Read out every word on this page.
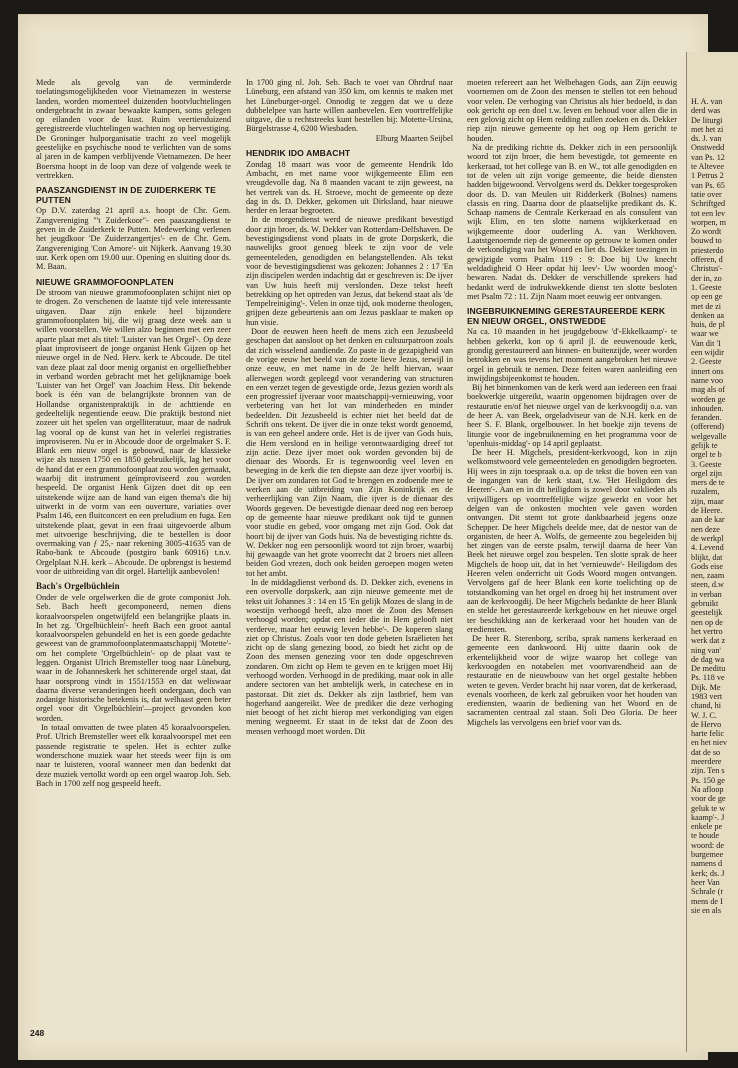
Mede als gevolg van de verminderde toelatingsmogelijkheden voor Vietnamezen in westerse landen, worden momenteel duizenden bootvluchtelingen ondergebracht in zwaar bewaakte kampen, soms gelegen op eilanden voor de kust. Ruim veertienduizend geregistreerde vluchtelingen wachten nog op hervestiging. De Groninger hulporganisatie tracht zo veel mogelijk geestelijke en psychische nood te verlichten van de soms al jaren in de kampen verblijvende Vietnamezen. De heer Boersma hoopt in de loop van deze of volgende week te vertrekken.

PAASZANGDIENST IN DE ZUIDERKERK TE PUTTEN

Op D.V. zaterdag 21 april a.s. hoopt de Chr. Gem. Zangvereniging "'t Zuiderkoor"- een paaszangdienst te geven in de Zuiderkerk te Putten. Medewerking verlenen het jeugdkoor 'De Zuiderzangertjes'- en de Chr. Gem. Zangvereniging 'Con Amore'- uit Nijkerk. Aanvang 19.30 uur. Kerk open om 19.00 uur. Opening en sluiting door ds. M. Baan.

NIEUWE GRAMMOFOONPLATEN

De stroom van nieuwe grammofoonplaten schijnt niet op te drogen. Zo verschenen de laatste tijd vele interessante uitgaven. Daar zijn enkele heel bijzondere grammofoonplaten bij, die wij graag deze week aan u willen voorstellen. We willen alzo beginnen met een zeer aparte plaat met als titel: 'Luister van het Orgel'-. Op deze plaat improviseert de jonge organist Henk Gijzen op het nieuwe orgel in de Ned. Herv. kerk te Abcoude. De titel van deze plaat zal door menig organist en orgelliefhebber in verband worden gebracht met het gelijknamige boek 'Luister van het Orgel' van Joachim Hess. Dit bekende boek is één van de belangrijkste bronnen van de Hollandse organistenpraktijk in de achttiende en gedeeltelijk negentiende eeuw. Die praktijk bestond niet zozeer uit het spelen van orgelliteratuur, maar de nadruk lag vooral op de kunst van het in velerlei registraties improviseren. Nu er in Abcoude door de orgelmaker S. F. Blank een nieuw orgel is gebouwd, naar de klassieke wijze als tussen 1750 en 1850 gebruikelijk, lag het voor de hand dat er een grammofoonplaat zou worden gemaakt, waarbij dit instrument geïmproviseerd zou worden bespeeld. De organist Henk Gijzen doet dit op een uitstekende wijze aan de hand van eigen thema's die hij uitwerkt in de vorm van een ouverture, variaties over Psalm 146, een fluitconcert en een preludium en fuga. Een uitstekende plaat, gevat in een fraai uitgevoerde album met uitvoerige beschrijving, die te bestellen is door overmaking van ƒ 25,- naar rekening 3005-41635 van de Rabo-bank te Abcoude (postgiro bank 60916) t.n.v. Orgelplaat N.H. kerk – Abcoude. De opbrengst is bestemd voor de uitbreiding van dit orgel. Hartelijk aanbevolen!

Bach's Orgelbüchlein

Onder de vele orgelwerken die de grote componist Joh. Seb. Bach heeft gecomponeerd, nemen diens koraalvoorspelen ongetwijfeld een belangrijke plaats in. In het zg. 'Orgelbüchlein'- heeft Bach een groot aantal koraalvoorspelen gebundeld en het is een goede gedachte geweest van de grammofoonplatenmaatschappij 'Motette'- om het complete 'Orgelbüchlein'- op de plaat vast te leggen. Organist Ulrich Bremsteller toog naar Lüneburg, waar in de Johanneskerk het schitterende orgel staat, dat haar oorsprong vindt in 1551/1553 en dat weliswaar daarna diverse veranderingen heeft ondergaan, doch van zodanige historische betekenis is, dat welhaast geen beter orgel voor dit 'Orgelbüchlein'—project gevonden kon worden.

In totaal omvatten de twee platen 45 koraalvoorspelen. Prof. Ulrich Bremsteller weet elk koraalvoorspel met een passende registratie te spelen. Het is echter zulke wonderschone muziek waar het steeds weer fijn is om naar te luisteren, vooral wanneer men dan bedenkt dat deze muziek vertolkt wordt op een orgel waarop Joh. Seb. Bach in 1700 zelf nog gespeeld heeft.

In 1700 ging nl. Joh. Seb. Bach te voet van Ohrdruf naar Lüneburg, een afstand van 350 km, om kennis te maken met het Lüneburger-orgel. Onnodig te zeggen dat we u deze dubbelelpee van harte willen aanbevelen. Een voortreffelijke uitgave, die u rechtstreeks kunt bestellen bij: Motette-Ursina, Bürgelstrasse 4, 6200 Wiesbaden.

Elburg Maarten Seijbel

HENDRIK IDO AMBACHT

Zondag 18 maart was voor de gemeente Hendrik Ido Ambacht, en met name voor wijkgemeente Elim een vreugdevolle dag. Na 8 maanden vacant te zijn geweest, na het vertrek van ds. H. Stroeve, mocht de gemeente op deze dag in ds. D. Dekker, gekomen uit Dirksland, haar nieuwe herder en leraar begroeten.

In de morgendienst werd de nieuwe predikant bevestigd door zijn broer, ds. W. Dekker van Rotterdam-Delfshaven. De bevestigingsdienst vond plaats in de grote Dorpskerk, die nauwelijks groot genoeg bleek te zijn voor de vele gemeenteleden, genodigden en belangstellenden. Als tekst voor de bevestigingsdienst was gekozen: Johannes 2 : 17 'En zijn discipelen werden indachtig dat er geschreven is: De ijver van Uw huis heeft mij verslonden. Deze tekst heeft betrekking op het optreden van Jezus, dat bekend staat als 'de Tempelreiniging'-. Velen in onze tijd, ook moderne theologen, grijpen deze gebeurtenis aan om Jezus pasklaar te maken op hun visie.

Door de eeuwen heen heeft de mens zich een Jezusbeeld geschapen dat aansloot op het denken en cultuurpatroon zoals dat zich wisselend aandiende. Zo paste in de gezapigheid van de vorige eeuw het beeld van de zoete lieve Jezus, terwijl in onze eeuw, en met name in de 2e helft hiervan, waar allerwegen wordt gepleegd voor verandering van structuren en een verzet tegen de gevestigde orde, Jezus gezien wordt als een progressief ijveraar voor maatschappij-vernieuwing, voor verbetering van het lot van minderheden en minder bedeelden. Dit Jezusbeeld is echter niet het beeld dat de Schrift ons tekent. De ijver die in onze tekst wordt genoemd, is van een geheel andere orde. Het is de ijver van Gods huis, die Hem verslond en in heilige verontwaardiging dreef tot zijn actie. Deze ijver moet ook worden gevonden bij de dienaar des Woords. Er is tegenwoordig veel leven en beweging in de kerk die ten diepste aan deze ijver voorbij is. De ijver om zondaren tot God te brengen en zodoende mee te werken aan de uitbreiding van Zijn Koninkrijk en de verheerlijking van Zijn Naam, die ijver is de dienaar des Woords gegeven. De bevestigde dienaar deed nog een beroep op de gemeente haar nieuwe predikant ook tijd te gunnen voor studie en gebed, voor omgang met zijn God. Ook dat hoort bij de ijver van Gods huis. Na de bevestiging richtte ds. W. Dekker nog een persoonlijk woord tot zijn broer, waarbij hij gewaagde van het grote voorrecht dat 2 broers niet alleen beiden God vrezen, doch ook beiden geroepen mogen weten tot het ambt.

In de middagdienst verbond ds. D. Dekker zich, evenens in een overvolle dorpskerk, aan zijn nieuwe gemeente met de tekst uit Johannes 3 : 14 en 15 'En gelijk Mozes de slang in de woestijn verhoogd heeft, alzo moet de Zoon des Mensen verhoogd worden; opdat een ieder die in Hem gelooft niet verderve, maar het eeuwig leven hebbe'-. De koperen slang ziet op Christus. Zoals voor ten dode gebeten Israëlieten het zicht op de slang genezing bood, zo biedt het zicht op de Zoon des mensen genezing voor ten dode opgeschreven zondaren. Om zicht op Hem te geven en te krijgen moet Hij verhoogd worden. Verhoogd in de prediking, maar ook in alle andere sectoren van het ambtelijk werk, in catechese en in pastoraat. Dit ziet ds. Dekker als zijn lastbrief, hem van hogerhand aangereikt. Wee de prediker die deze verhoging niet beoogt of het zicht hierop met verkondiging van eigen mening wegneemt. Er staat in de tekst dat de Zoon des mensen verhoogd moet worden. Dit

moeten refereert aan het Welbehagen Gods, aan Zijn eeuwig voornemen om de Zoon des mensen te stellen tot een behoud voor velen. De verhoging van Christus als hier bedoeld, is dan ook gericht op een doel t.w. leven en behoud voor allen die in een gelovig zicht op Hem redding zullen zoeken en ds. Dekker riep zijn nieuwe gemeente op het oog op Hem gericht te houden.

Na de prediking richtte ds. Dekker zich in een persoonlijk woord tot zijn broer, die hem bevestigde, tot gemeente en kerkeraad, tot het college van B. en W., tot alle genodigden en tot de velen uit zijn vorige gemeente, die beide diensten hadden bijgewoond. Vervolgens werd ds. Dekker toegesproken door ds. D. van Meulen uit Ridderkerk (Bolnes) namens classis en ring. Daarna door de plaatselijke predikant ds. K. Schaap namens de Centrale Kerkeraad en als consulent van wijk Elim, en ten slotte namens wijkkerkeraad en wijkgemeente door ouderling A. van Werkhoven. Laatstgenoemde riep de gemeente op getrouw te komen onder de verkondiging van het Woord en liet ds. Dekker toezingen in gewijzigde vorm Psalm 119 : 9: Doe bij Uw knecht weldadigheid O Heer opdat hij leev'- Uw woorden moog'- bewaren. Nadat ds. Dekker de verschillende sprekers had bedankt werd de indrukwekkende dienst ten slotte besloten met Psalm 72 : 11. Zijn Naam moet eeuwig eer ontvangen.

INGEBRUIKNEMING GERESTAUREERDE KERK EN NIEUW ORGEL, ONSTWEDDE

Na ca. 10 maanden in het jeugdgebouw 'd'-Ekkelkaamp'- te hebben gekerkt, kon op 6 april jl. de eeuwenoude kerk, grondig gerestaureerd aan binnen- en buitenzijde, weer worden betrokken en was tevens het moment aangebroken het nieuwe orgel in gebruik te nemen. Deze feiten waren aanleiding een inwijdingsbijeenkomst te houden.

Bij het binnenkomen van de kerk werd aan iedereen een fraai boekwerkje uitgereikt, waarin opgenomen bijdragen over de restauratie en/of het nieuwe orgel van de kerkvoogdij o.a. van de heer A. van Beek, orgeladviseur van de N.H. kerk en de heer S. F. Blank, orgelbouwer. In het boekje zijn tevens de liturgie voor de ingebruikneming en het programma voor de 'openhuis-middag'- op 14 april geplaatst.

De heer H. Migchels, president-kerkvoogd, kon in zijn welkomstwoord vele gemeenteleden en genodigden begroeten. Hij wees in zijn toespraak o.a. op de tekst die boven een van de ingangen van de kerk staat, t.w. 'Het Heiligdom des Heeren'-. Aan en in dit heiligdom is zowel door vaklieden als vrijwilligers op voortreffelijke wijze gewerkt en voor het delgen van de onkosten mochten vele gaven worden ontvangen. Dit stemt tot grote dankbaarheid jegens onze Schepper. De heer Migchels deelde mee, dat de nestor van de organisten, de heer A. Wolfs, de gemeente zou begeleiden bij het zingen van de eerste psalm, terwijl daarna de heer Van Beek het nieuwe orgel zou bespelen. Ten slotte sprak de heer Migchels de hoop uit, dat in het 'vernieuwde'- Heiligdom des Heeren velen onderricht uit Gods Woord mogen ontvangen. Vervolgens gaf de heer Blank een korte toelichting op de totstandkoming van het orgel en droeg hij het instrument over aan de kerkvoogdij. De heer Migchels bedankte de heer Blank en stelde het gerestaureerde kerkgebouw en het nieuwe orgel ter beschikking aan de kerkeraad voor het houden van de erediensten.

De heer R. Sterenborg, scriba, sprak namens kerkeraad en gemeente een dankwoord. Hij uitte daarin ook de erkentelijkheid voor de wijze waarop het college van kerkvoogden en notabelen met voortvarendheid aan de restauratie en de nieuwbouw van het orgel gestalte hebben weten te geven. Verder bracht hij naar voren, dat de kerkeraad, evenals voorheen, de kerk zal gebruiken voor het houden van erediensten, waarin de bediening van het Woord en de sacramenten centraal zal staan. Soli Deo Gloria. De heer Migchels las vervolgens een brief voor van ds.

H. A. van
derd was
De liturgi
met het zi
ds. J. van
Onstwedd
van Ps. 12
te Altevee
1 Petrus 2
van Ps. 65
tatie over
Schriftged
tot een lev
worpen, m
Zo wordt
bouwd to
priesterdo
offeren, d
Christus'-
der in, zo
1. Geeste
op een ge
met de zi
denken aa
huis, de pl
waar we
Van dit 'I
een wijdir
2. Geeste
innert ons
name voo
mag als of
worden ge
inhouden.
feranden.
(offerend)
welgevalle
gelijk te
orgel te b
3. Geeste
orgel zijn
mers de te
ruzalem,
zijn, maar
de Heere.
aan de kar
nen deze
de werkpl
4. Levend
blijkt, dat
Gods eise
nen, zaam
steen, d.w
in verban
gebruikt
geestelijk
nen op de
het vertro
werk dat z
ning van'
de dag wa
De meditu
Ps. 118 ve
Dijk. Me
1983 vert
chand, hi
W. J. C.
de Hervo
harte felic
en het niev
dat de so
meerdere
zijn. Ten s
Ps. 150 ge
Na afloop
voor de ge
geluk te w
kaamp'-. J
enkele pe
te houde
woord: de
burgemee
namens d
kerk; ds. J
heer Van
Schrale (r
mens de I
sie en als
248
